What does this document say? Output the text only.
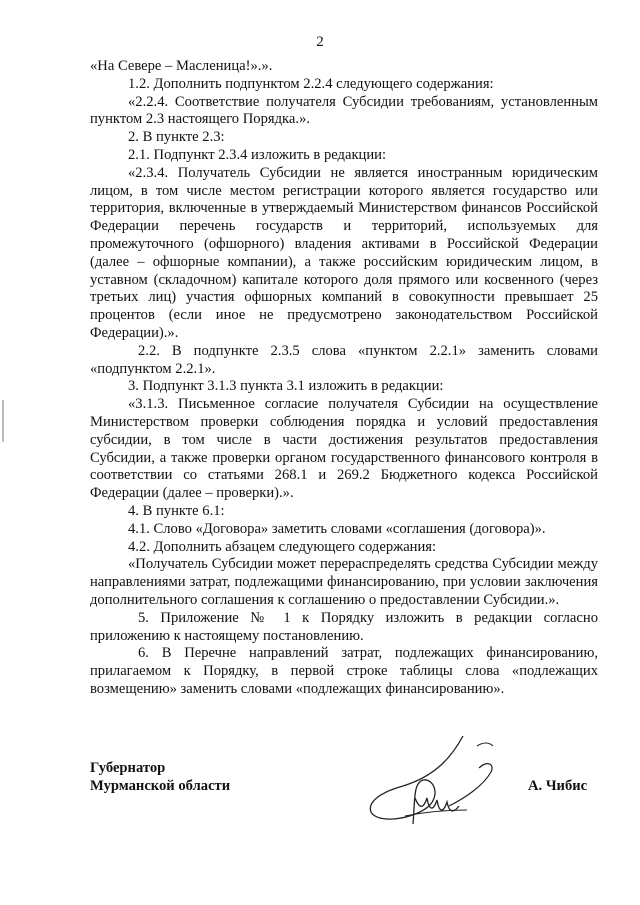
2

«На Севере – Масленица!».».

1.2. Дополнить подпунктом 2.2.4 следующего содержания:

«2.2.4. Соответствие получателя Субсидии требованиям, установленным пунктом 2.3 настоящего Порядка.».

2. В пункте 2.3:

2.1. Подпункт 2.3.4 изложить в редакции:

«2.3.4. Получатель Субсидии не является иностранным юридическим лицом, в том числе местом регистрации которого является государство или территория, включенные в утверждаемый Министерством финансов Российской Федерации перечень государств и территорий, используемых для промежуточного (офшорного) владения активами в Российской Федерации (далее – офшорные компании), а также российским юридическим лицом, в уставном (складочном) капитале которого доля прямого или косвенного (через третьих лиц) участия офшорных компаний в совокупности превышает 25 процентов (если иное не предусмотрено законодательством Российской Федерации).».

2.2. В подпункте 2.3.5 слова «пунктом 2.2.1» заменить словами «подпунктом 2.2.1».

3. Подпункт 3.1.3 пункта 3.1 изложить в редакции:

«3.1.3. Письменное согласие получателя Субсидии на осуществление Министерством проверки соблюдения порядка и условий предоставления субсидии, в том числе в части достижения результатов предоставления Субсидии, а также проверки органом государственного финансового контроля в соответствии со статьями 268.1 и 269.2 Бюджетного кодекса Российской Федерации (далее – проверки).».

4. В пункте 6.1:

4.1. Слово «Договора» заметить словами «соглашения (договора)».

4.2. Дополнить абзацем следующего содержания:

«Получатель Субсидии может перераспределять средства Субсидии между направлениями затрат, подлежащими финансированию, при условии заключения дополнительного соглашения к соглашению о предоставлении Субсидии.».

5. Приложение № 1 к Порядку изложить в редакции согласно приложению к настоящему постановлению.

6. В Перечне направлений затрат, подлежащих финансированию, прилагаемом к Порядку, в первой строке таблицы слова «подлежащих возмещению» заменить словами «подлежащих финансированию».

Губернатор
Мурманской области	А. Чибис
